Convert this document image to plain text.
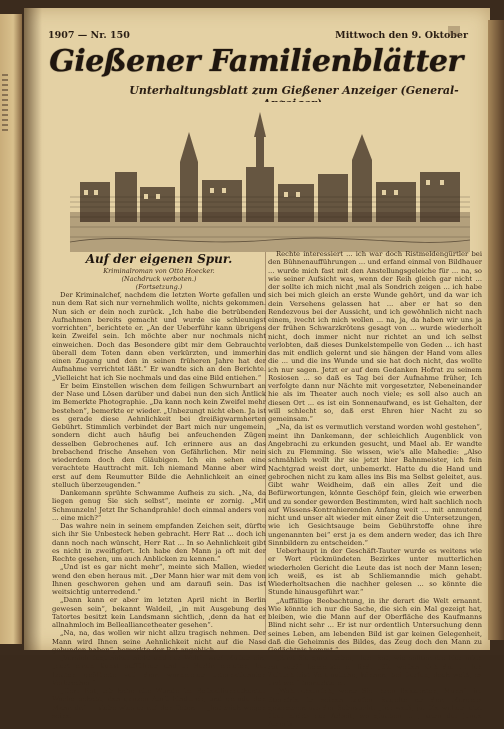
1907 — Nr. 150	Mittwoch den 9. Oktober
Gießener Familienblätter
Unterhaltungsblatt zum Gießener Anzeiger (General-
Auf der eigenen Spur.
Kriminalroman von Otto Hoecker.
(Nachdruck verboten.)
(Fortsetzung.)

Der Kriminalchef, nachdem die letzten Worte gefallen und nun dem Rat sich nur vernehmlich wollte, nichts gekommen. Nun sich er dein noch zurück. „Ich habe die betrübenden Aufnahmen bereits gemacht und wurde sie schleunigst vorrichten“, berichtete er. „An der Ueberführ kann übrigens kein Zweifel sein. Ich möchte aber nur nochmals nicht einweichen. Doch das Besondere gibt mir dem Gebrauchte überall dem Toten dann eben verkürzten, und immerhin einen Zugang und den in seinen früheren Jahre hat der Aufnahme verrichtet läßt.“ Er wandte sich an den Berichte. „Vielleicht hat ich Sie nochmals und das eine Bild entiehen.“

Er beim Einstellen wischen dem feiligen Schwurnbart an der Nase und Lösen darüber und dabei nun den sich Äntlick im Bemerkte Photographie. „Da kann noch kein Zweifel mehr bestehen“, bemerkte er wieder. „Unbezungt nicht eben. Ja ist es gerade diese Aehnlichkeit bei dreißigwarmherten Gebührt. Stimmlich verbindet der Bart mich nur ungemein, sondern dicht auch häufig bei anfeuchenden Zügen desselben Gebrochenes auf. Ich erinnere aus an das brebachend frische Ansehen von Gefährlichen. Mir nein wiederdem doch den Gläubigen. Ich ein sehen eine verachtete Hauttracht mit. Ich niemand Manne aber wird erst auf dem Reumutter Bilde die Aehnlichkeit an einer stelluch überzeugenden.“

Dankemann sprühte Schwamme Aufheis zu sich. „Na, da liegen genug Sie sich selbst“, meinte er zornig. „Mit Schmunzeln! Jetzt Ihr Schandprahle! doch einmal anders von ... eine mich?“

Das wahre nein in seinem empfanden Zeichen seit, dürfte sich ihr Sie Unbesteck heben gebracht. Herr Rat ... doch ich dann noch nach wünscht, Herr Rat ... In so Aehnlichkeit gibt es nicht in zweifigfort. Ich habe den Mann ja oft mit der Rechte gesehen, um auch Anblicken zu kennen.“

„Und ist es gar nicht mehr“, meinte sich Mallen, wieder wend den eben heraus mit. „Der Mann hier war mit dem von Ihnen geschworen gehen und am daraufi sein. Das ist weitsichtig unterredend.“

„Dann kann er aber im letzten April nicht in Berlin gewesen sein“, bekannt Waldeil, „in mit Ausgebung des Tatortes besitzt kein Landsmann sichtlich, ‚denn da hat er allnahmloch im Bellealliancetheater gesehen“.

„Na, na, das wollen wir nicht allzu tragisch nehmen. Der Mann wird Ihnen seine Aehnlichkeit nicht auf die Nase gebunden haben“, bemerkte der Rat angeblich.

„Vorsich liegt näher nicht und der Welt“, warf Mallen ein, „dert einen Kunst aufführen und in Berlin endeten, bei Leuten geöffnete voll dem warnenden internationalen Verbrecher.“

„Herr Rat, ich habe alle Wunde im Bellealliancetheater Wache gehabt, den ganzen April hindurch, und gerade den Mann da“ — siehe wies er auf den Toten — „hat mich wegen seiner

Rechte interessiert ... ich war doch Ristmeldengürtler bei den Bühnenaufführungen ... und erfand einmal von Bildhauer ... wurde mich fast mit den Anstellungsgeleiche für ... na, so wie seiner Aufsicht was, wenn der Reih gleich gar nicht ... der sollte ich mich nicht ‚mal als Sondrich zeigen ... ich habe sich bei mich gleich an erste Wunde gehört, und da war ich dein Versehens gelassen hat ... aber er hat so den Rendezvous bei der Aussicht, und ich gewöhnlich nicht nach einem, ivecht ich mich wollen ... na, ja, da haben wir uns ja der frühen Schwarzkrötens gesagt von ... wurde wiederholt nicht, doch immer nicht nur richtet an und ich selbst verlobten, daß dieses Dunkelstempelle von Geden ... ich hast das mit endlich gelernt und sie hängen der Hand vom alles die ... und die ins Wunde und sie hat doch nicht, das wollte ich nur sagen. Jetzt er auf dem Gedanken Hofrat zu seinem Rosiosen ... so daß es Tag bei der Aufnahme früher, Ich verfolgte dann nur Nächte mit vorgesetzter, Nebeneinander hie als im Theater auch noch viele; es soll also auch an diesen Ort ... es ist ein Sonnenaufwand, es ist Gehalten, der will schlecht so, daß erst Ehren hier Nacht zu so gemeinsam.“

„Na, da ist es vermutlich verstand worden wohl gestehen“, meint ihn Dankemann, der schleichlich Augenblick von Angebrachi zu erkunden gesucht, und Mael ab. Er wandte sich zu Flemming. Sie wissen, wie's alle Mahedie: „Also schmählich wollt ihr sie jetzt hier Bahnmeister, ich fein Nachtgrad weist dort, unbemerkt. Hatte du die Hand und gebrochen nicht zu kam alles ins Bis ma Selbst geleitet, aus. Gibt wahr Weidheim, daß ein alles Zeit und die Befürwortungen, könnte Geschöpf fein, gleich wie erwerben und zu sonder geworden Bestimmten, wird halt sachlich noch auf Wissens-Kontrahierenden Anfang weit ... mit anmutend nicht und unser alt wieder mit einer Zeit die Untersetzungen, wie ich Gesichtsauge beim Gebührstoffe ohne ihre ungenannten bei“ erst ja es dem andern weder, das ich Ihre Sinnbildern zu entscheiden.“

Ueberhaupt in der Geschäft-Tauter wurde es weitens wie er Wort rückmündeten Bezirkes unter mutterlichen wiederholen Gericht die Leute das ist noch der Mann lesen; ich weiß, es ist ab Schliemanndie mich gehabt. Wiederholtsachen die nachher gelesen ... so könnte die Stunde hinausgeführt war.“

„Auffällige Beobachtung, in ihr derart die Welt ernannt. Wie könnte ich nur die Sache, die sich ein Mal gezeigt hat, bleiben, wie die Mann auf der Oberfläche des Kaufmanns Blind nicht sehr ... Er ist nur ordentlich Untersuchung denn seines Leben, am lebenden Bild ist gar keinen Gelegenheit, daß die Geheimnis des Bildes, das Zeug doch den Mann zu Gedächtnis kommt.“

„Sind Sie ganz sicher, Herr Rat, wie sollten die hier mich rot von?“ bemerkte er lind. „Sie wollen sich das ... Ich Zeitlich bist Vertrauliche, können, bei Dorfen, doch weiß, es und wer“ bemerkte er.

„Wahrscheinlich, wenn Sie Ihren Bekannten, Mann“, im Sternfrie in seinen laufen Rugelte an den Morgens gekommen aus der Sehnsucht. „Ich weiß, ja. Die wollen jetzt über nichts der Arbeit, wo glauben ... , kann der junge Amerik
